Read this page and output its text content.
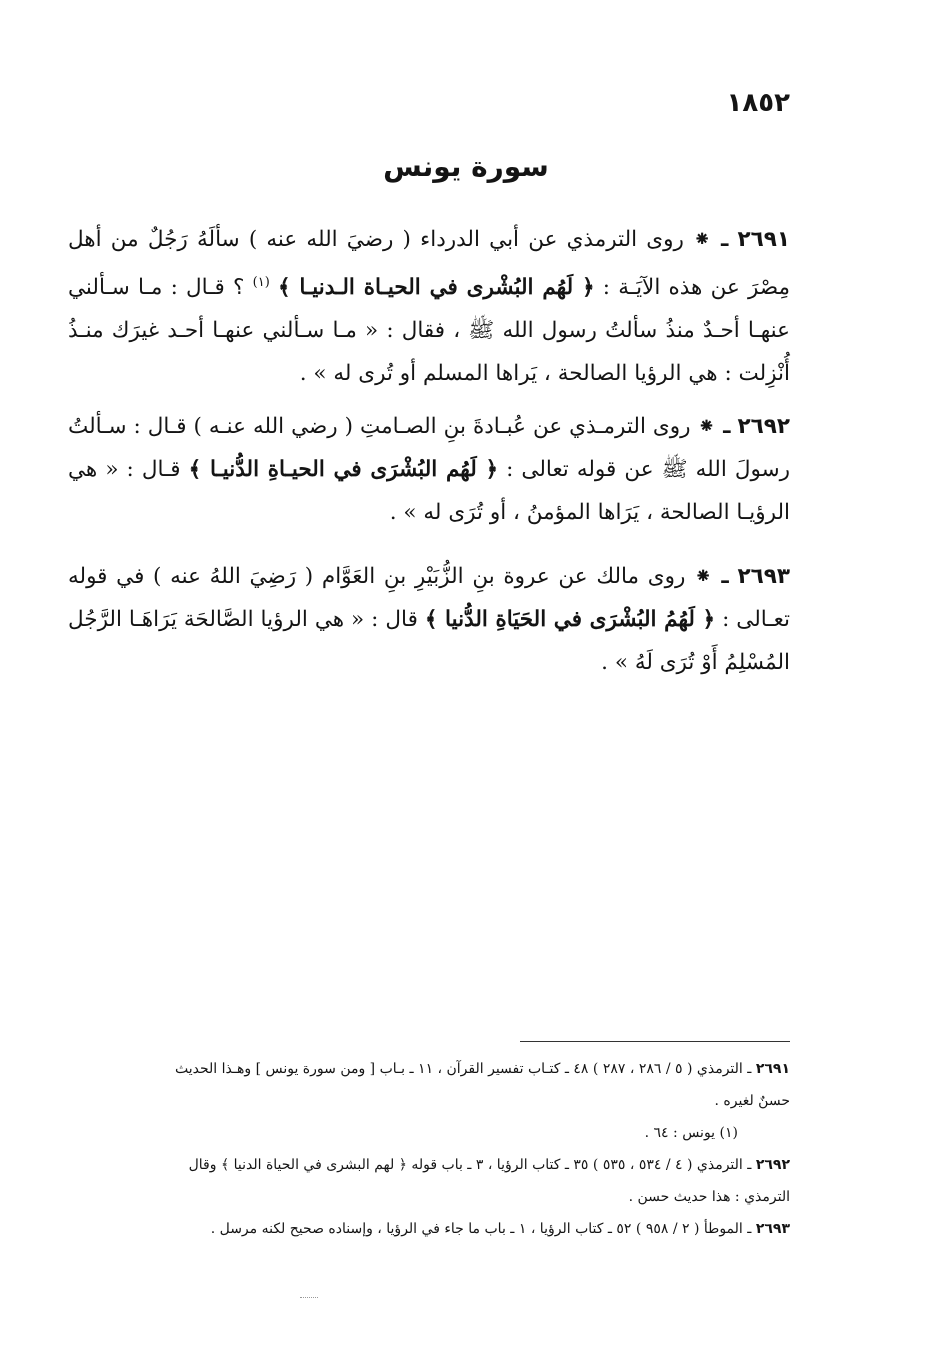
١٨٥٢
سورة يونس

٢٦٩١ ـ ⁕ روى الترمذي عن أبي الدرداء ( رضيَ الله عنه ) سألَهُ رَجُلٌ من أهل مِصْرَ عن هذه الآيَـة : ﴿ لَهُم البُشْرى في الحيـاة الـدنيـا ﴾ $^{(١)}$ ؟ قـال : مـا سـألني عنهـا أحـدٌ منذُ سألتُ رسول الله ﷺ ، فقال : « مـا سـألني عنهـا أحـد غيرَك منـذُ أُنْزِلت : هي الرؤيا الصالحة ، يَراها المسلم أو تُرى له » .

٢٦٩٢ ـ ⁕ روى الترمـذي عن عُبـادةَ بنِ الصـامتِ ( رضي الله عنـه ) قـال : سـألتُ رسولَ الله ﷺ عن قوله تعالى : ﴿ لَهُم البُشْرَى في الحيـاةِ الدُّنيـا ﴾ قـال : « هي الرؤيـا الصالحة ، يَرَاها المؤمنُ ، أو تُرَى له » .

٢٦٩٣ ـ ⁕ روى مالك عن عروة بنِ الزُّبَيْرِ بنِ العَوَّام ( رَضِيَ اللهُ عنه ) في قوله تعـالى : ﴿ لَهُمُ البُشْرَى في الحَيَاةِ الدُّنيا ﴾ قال : « هي الرؤيا الصَّالحَة يَرَاهَـا الرَّجُل المُسْلِمُ أَوْ تُرَى لَهُ » .

٢٦٩١ ـ الترمذي ( ٥ / ٢٨٦ ، ٢٨٧ ) ٤٨ ـ كتـاب تفسير القرآن ، ١١ ـ بـاب [ ومن سورة يونس ] وهـذا الحديث حسنٌ لغيره .

(١) يونس : ٦٤ .

٢٦٩٢ ـ الترمذي ( ٤ / ٥٣٤ ، ٥٣٥ ) ٣٥ ـ كتاب الرؤيا ، ٣ ـ باب قوله ﴿ لهم البشرى في الحياة الدنيا ﴾ وقال الترمذي : هذا حديث حسن .

٢٦٩٣ ـ الموطأ ( ٢ / ٩٥٨ ) ٥٢ ـ كتاب الرؤيا ، ١ ـ باب ما جاء في الرؤيا ، وإسناده صحيح لكنه مرسل .
